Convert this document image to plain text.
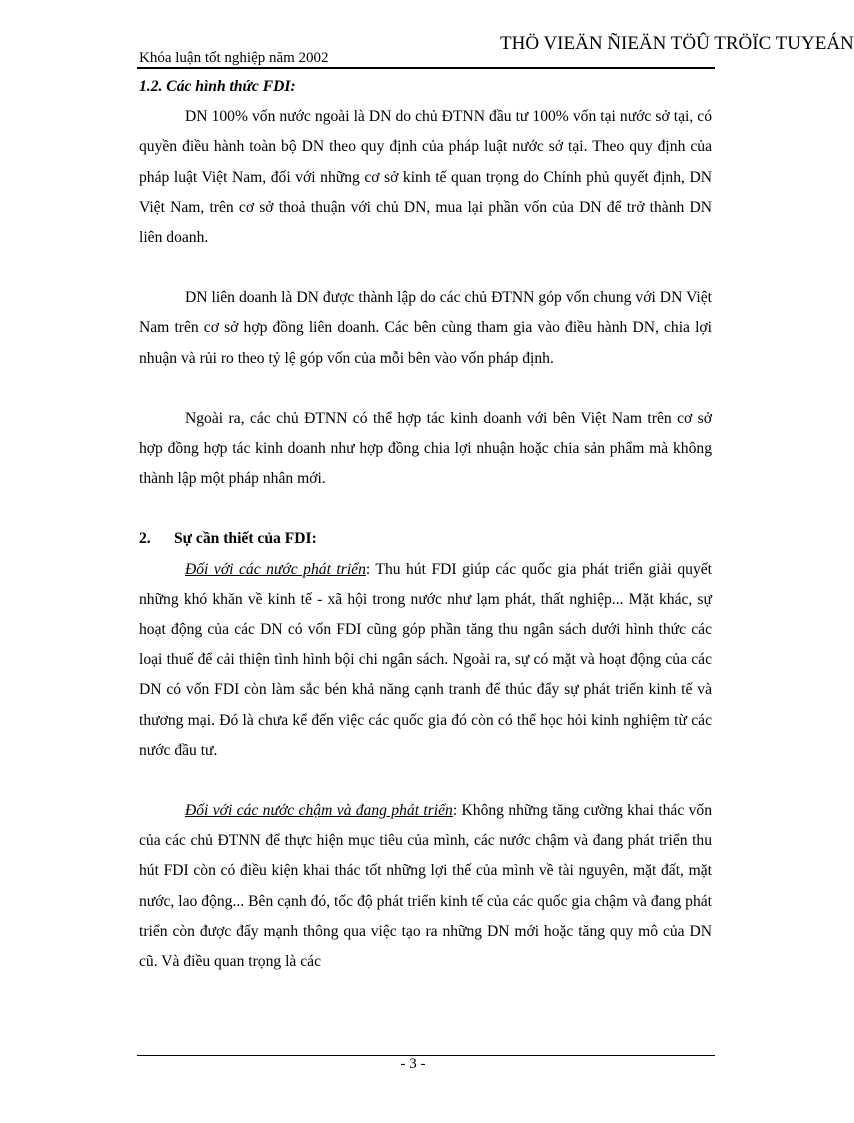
Khóa luận tốt nghiệp năm 2002
THÖ VIEÄN ÑIEÄN TÖÛ TRÖÏC TUYEÁN

1.2. Các hình thức FDI:

DN 100% vốn nước ngoài là DN do chủ ĐTNN đầu tư 100% vốn tại nước sở tại, có quyền điều hành toàn bộ DN theo quy định của pháp luật nước sở tại. Theo quy định của pháp luật Việt Nam, đối với những cơ sở kinh tế quan trọng do Chính phủ quyết định, DN Việt Nam, trên cơ sở thoả thuận với chủ DN, mua lại phần vốn của DN để trở thành DN liên doanh.

DN liên doanh là DN được thành lập do các chủ ĐTNN góp vốn chung với DN Việt Nam trên cơ sở hợp đồng liên doanh. Các bên cùng tham gia vào điều hành DN, chia lợi nhuận và rủi ro theo tỷ lệ góp vốn của mỗi bên vào vốn pháp định.

Ngoài ra, các chủ ĐTNN có thể hợp tác kinh doanh với bên Việt Nam trên cơ sở hợp đồng hợp tác kinh doanh như hợp đồng chia lợi nhuận hoặc chia sản phẩm mà không thành lập một pháp nhân mới.

2. Sự cần thiết của FDI:

Đối với các nước phát triển: Thu hút FDI giúp các quốc gia phát triển giải quyết những khó khăn về kinh tế - xã hội trong nước như lạm phát, thất nghiệp... Mặt khác, sự hoạt động của các DN có vốn FDI cũng góp phần tăng thu ngân sách dưới hình thức các loại thuế để cải thiện tình hình bội chi ngân sách. Ngoài ra, sự có mặt và hoạt động của các DN có vốn FDI còn làm sắc bén khả năng cạnh tranh để thúc đẩy sự phát triển kinh tế và thương mại. Đó là chưa kể đến việc các quốc gia đó còn có thể học hỏi kinh nghiệm từ các nước đầu tư.

Đối với các nước chậm và đang phát triển: Không những tăng cường khai thác vốn của các chủ ĐTNN để thực hiện mục tiêu của mình, các nước chậm và đang phát triển thu hút FDI còn có điều kiện khai thác tốt những lợi thế của mình về tài nguyên, mặt đất, mặt nước, lao động... Bên cạnh đó, tốc độ phát triển kinh tế của các quốc gia chậm và đang phát triển còn được đẩy mạnh thông qua việc tạo ra những DN mới hoặc tăng quy mô của DN cũ. Và điều quan trọng là các

- 3 -
